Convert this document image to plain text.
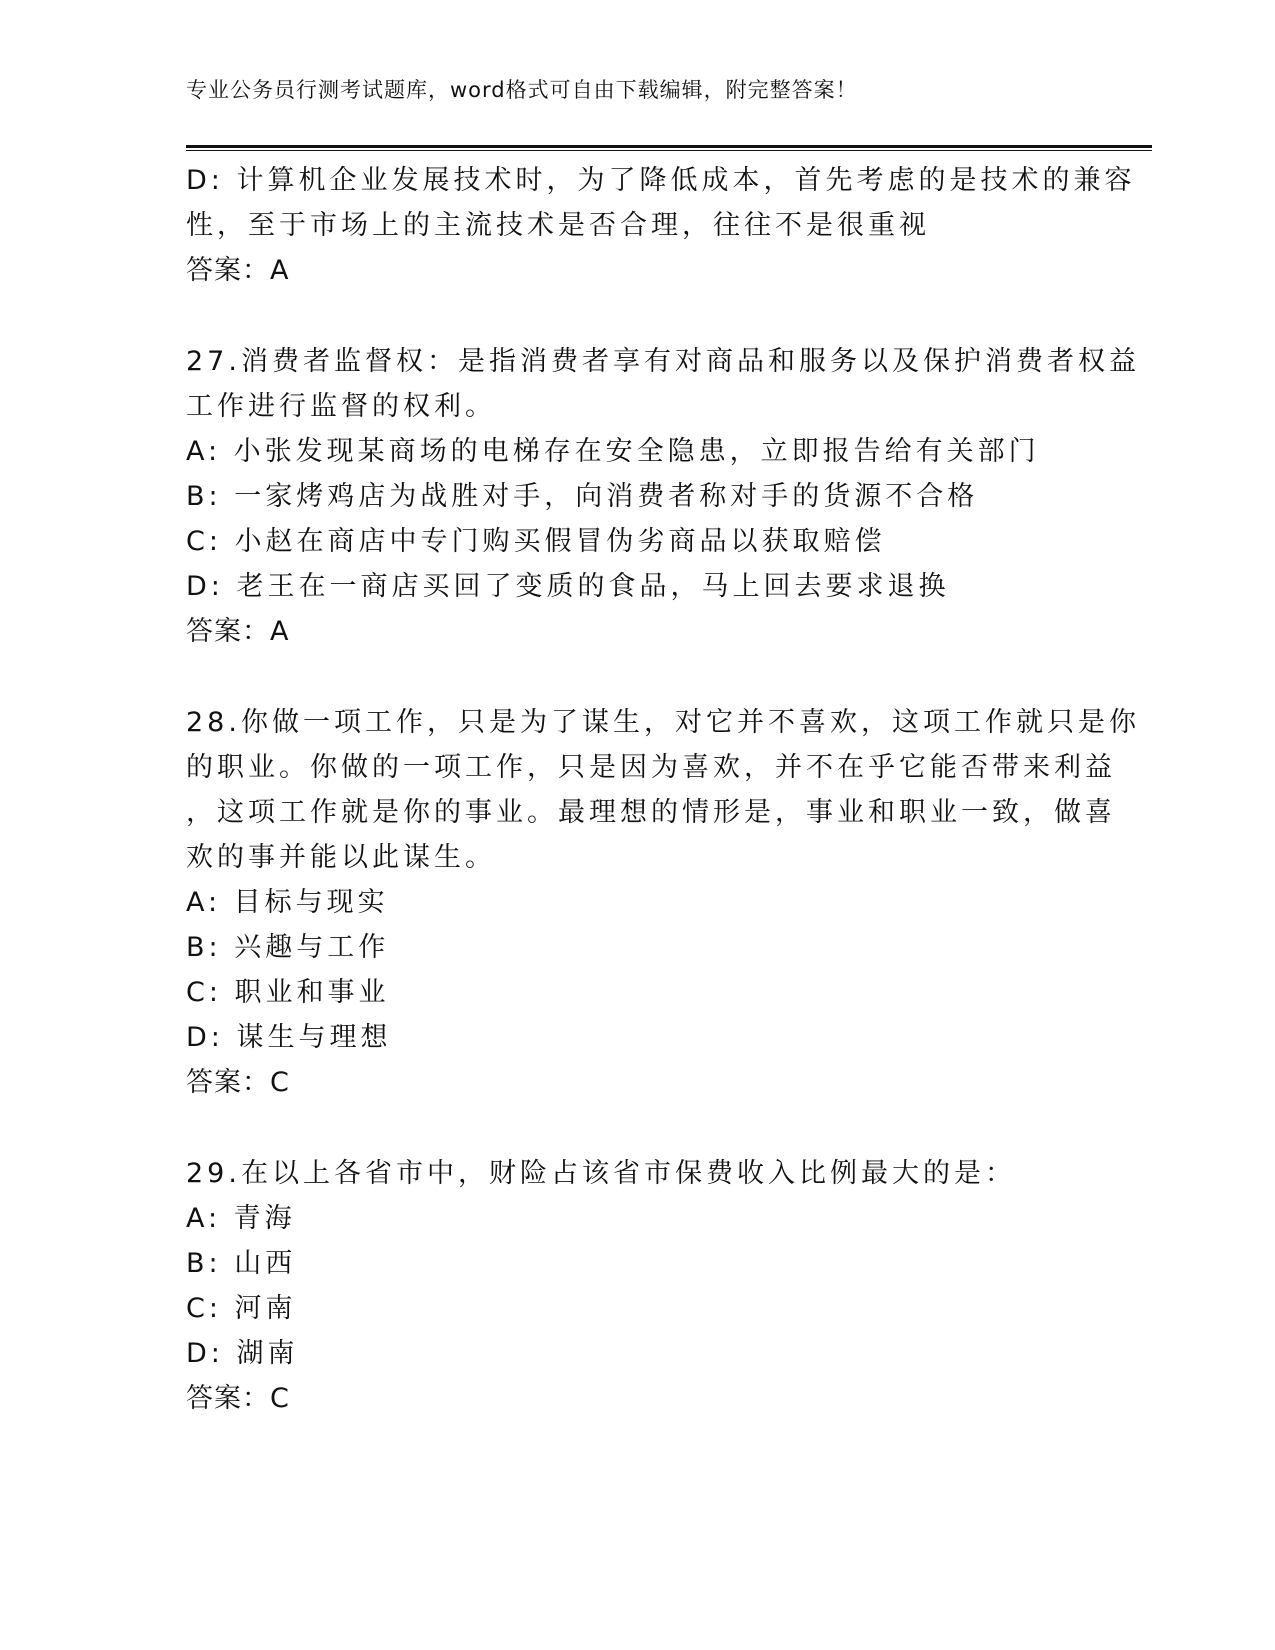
专业公务员行测考试题库，word格式可自由下载编辑，附完整答案！
D: 计算机企业发展技术时，为了降低成本，首先考虑的是技术的兼容
性，至于市场上的主流技术是否合理，往往不是很重视
答案：A
27.消费者监督权：是指消费者享有对商品和服务以及保护消费者权益
工作进行监督的权利。
A: 小张发现某商场的电梯存在安全隐患，立即报告给有关部门
B: 一家烤鸡店为战胜对手，向消费者称对手的货源不合格
C: 小赵在商店中专门购买假冒伪劣商品以获取赔偿
D: 老王在一商店买回了变质的食品，马上回去要求退换
答案：A
28.你做一项工作，只是为了谋生，对它并不喜欢，这项工作就只是你
的职业。你做的一项工作，只是因为喜欢，并不在乎它能否带来利益
，这项工作就是你的事业。最理想的情形是，事业和职业一致，做喜
欢的事并能以此谋生。
A: 目标与现实
B: 兴趣与工作
C: 职业和事业
D: 谋生与理想
答案：C
29.在以上各省市中，财险占该省市保费收入比例最大的是：
A: 青海
B: 山西
C: 河南
D: 湖南
答案：C
